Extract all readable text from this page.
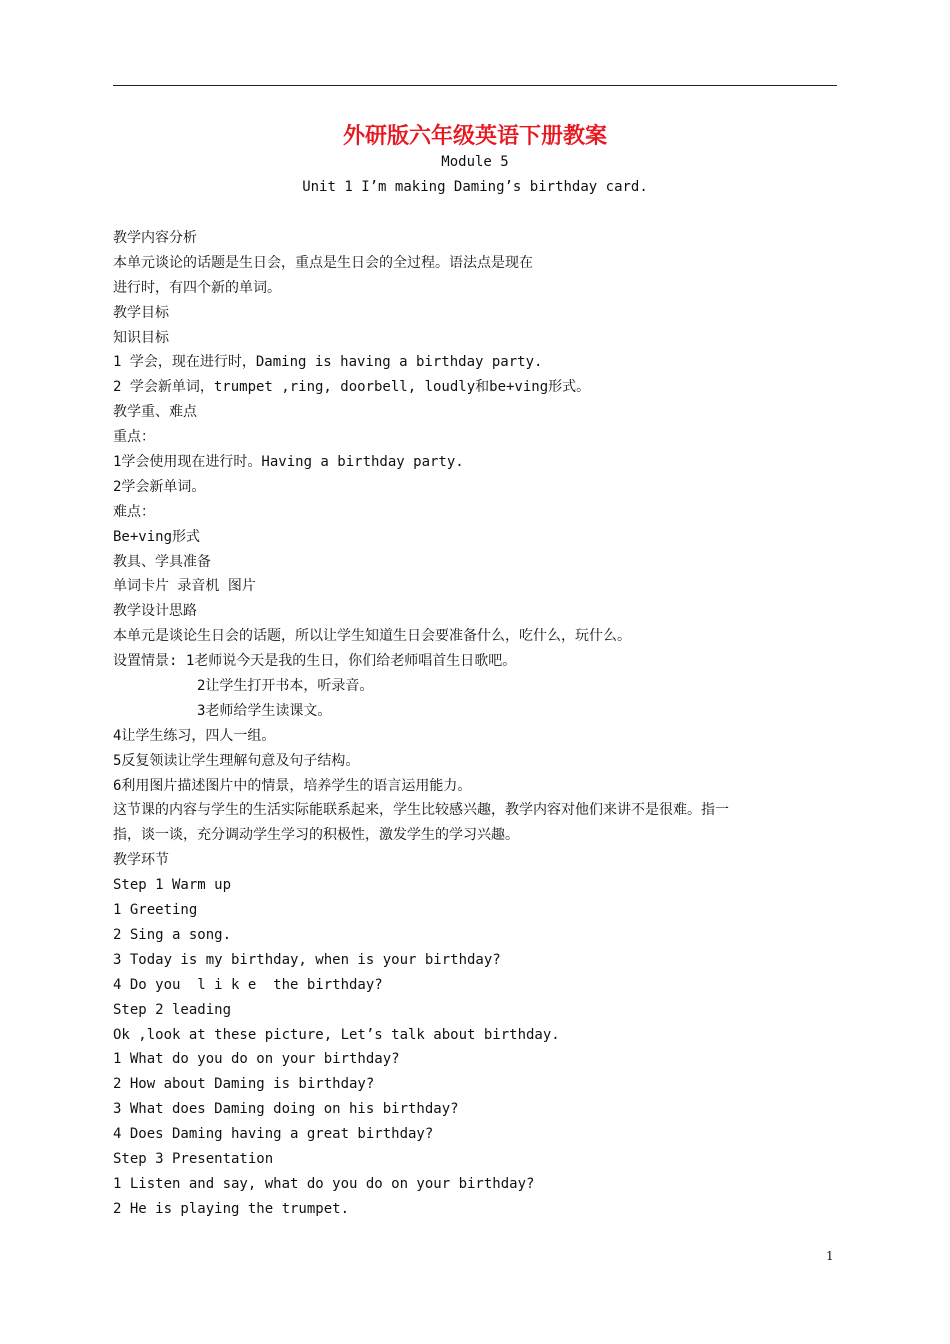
外研版六年级英语下册教案
Module 5
Unit 1 I’m making Daming’s birthday card.
教学内容分析
本单元谈论的话题是生日会，重点是生日会的全过程。语法点是现在
进行时，有四个新的单词。
教学目标
知识目标
1 学会，现在进行时，Daming is having a birthday party.
2 学会新单词，trumpet ,ring, doorbell, loudly和be+ving形式。
教学重、难点
重点：
1学会使用现在进行时。Having a birthday party.
2学会新单词。
难点：
Be+ving形式
教具、学具准备
单词卡片 录音机 图片
教学设计思路
本单元是谈论生日会的话题，所以让学生知道生日会要准备什么，吃什么，玩什么。
设置情景: 1老师说今天是我的生日，你们给老师唱首生日歌吧。
2让学生打开书本，听录音。
3老师给学生读课文。
4让学生练习，四人一组。
5反复领读让学生理解句意及句子结构。
6利用图片描述图片中的情景，培养学生的语言运用能力。
这节课的内容与学生的生活实际能联系起来，学生比较感兴趣，教学内容对他们来讲不是很难。指一
指，谈一谈，充分调动学生学习的积极性，激发学生的学习兴趣。
教学环节
Step 1 Warm up
1 Greeting
2 Sing a song.
3 Today is my birthday, when is your birthday?
4 Do you  l i k e  the birthday?
Step 2 leading
Ok ,look at these picture, Let’s talk about birthday.
1 What do you do on your birthday?
2 How about Daming is birthday?
3 What does Daming doing on his birthday?
4 Does Daming having a great birthday?
Step 3 Presentation
1 Listen and say, what do you do on your birthday?
2 He is playing the trumpet.
1
